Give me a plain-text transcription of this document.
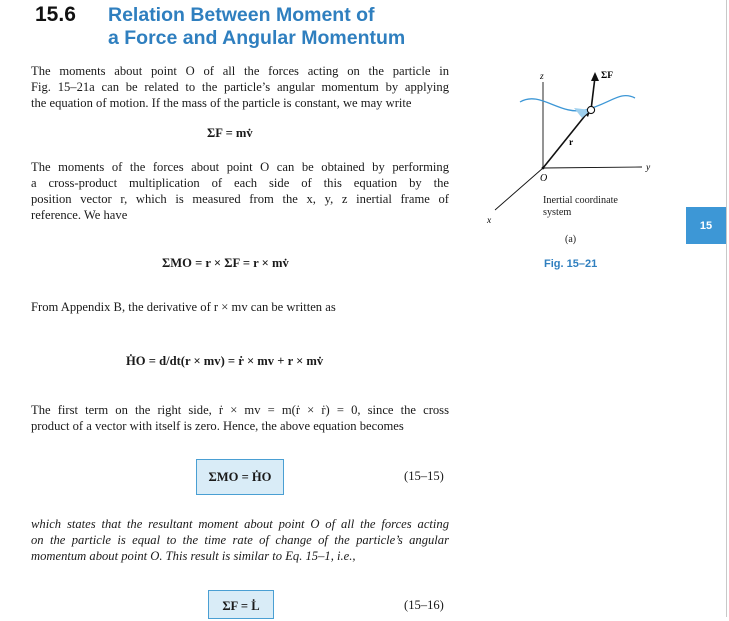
15.6 Relation Between Moment of
a Force and Angular Momentum
The moments about point O of all the forces acting on the particle in
Fig. 15–21a can be related to the particle’s angular momentum by applying
the equation of motion. If the mass of the particle is constant, we may write
ΣF = mv̇
The moments of the forces about point O can be obtained by performing
a cross-product multiplication of each side of this equation by the
position vector r, which is measured from the x, y, z inertial frame of
reference. We have
ΣMO = r × ΣF = r × mv̇
From Appendix B, the derivative of r × mv can be written as
ḢO = d/dt(r × mv) = ṙ × mv + r × mv̇
The first term on the right side, ṙ × mv = m(ṙ × ṙ) = 0, since the cross
product of a vector with itself is zero. Hence, the above equation becomes
ΣMO = ḢO	(15–15)
which states that the resultant moment about point O of all the forces acting
on the particle is equal to the time rate of change of the particle’s angular
momentum about point O. This result is similar to Eq. 15–1, i.e.,
ΣF = L̇	(15–16)
z
y
x
O
r
ΣF
Inertial coordinate
system
(a)
Fig. 15–21
15
